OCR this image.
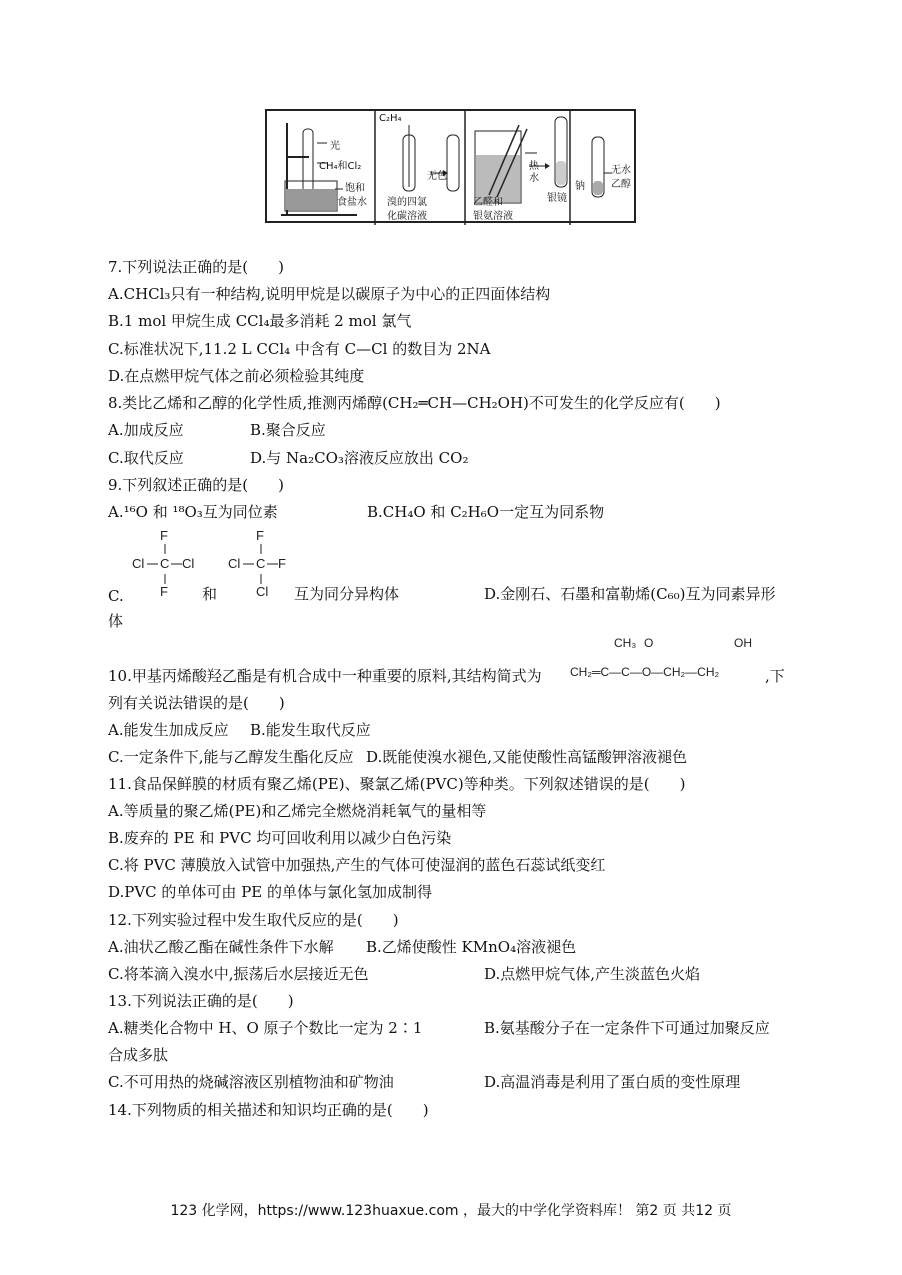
光
CH₄和Cl₂
饱和
食盐水
C₂H₄
无色
溴的四氯
化碳溶液
热
水
银镜
乙醛和
银氨溶液
钠
无水
乙醇
7.下列说法正确的是(　　)
A.CHCl₃只有一种结构,说明甲烷是以碳原子为中心的正四面体结构
B.1 mol 甲烷生成 CCl₄最多消耗 2 mol 氯气
C.标准状况下,11.2 L CCl₄ 中含有 C—Cl 的数目为 2NA
D.在点燃甲烷气体之前必须检验其纯度
8.类比乙烯和乙醇的化学性质,推测丙烯醇(CH₂═CH—CH₂OH)不可发生的化学反应有(　　)
A.加成反应	B.聚合反应
C.取代反应	D.与 Na₂CO₃溶液反应放出 CO₂
9.下列叙述正确的是(　　)
A.¹⁶O 和 ¹⁸O₃互为同位素	B.CH₄O 和 C₂H₆O一定互为同系物
F
Cl C Cl
F
F
Cl C F
Cl
C.	和	互为同分异构体	D.金刚石、石墨和富勒烯(C₆₀)互为同素异形
体
10.甲基丙烯酸羟乙酯是有机合成中一种重要的原料,其结构简式为
CH₃ O	OH
CH₂═C—C—O—CH₂—CH₂	,下
列有关说法错误的是(　　)
A.能发生加成反应 B.能发生取代反应
C.一定条件下,能与乙醇发生酯化反应 D.既能使溴水褪色,又能使酸性高锰酸钾溶液褪色
11.食品保鲜膜的材质有聚乙烯(PE)、聚氯乙烯(PVC)等种类。下列叙述错误的是(　　)
A.等质量的聚乙烯(PE)和乙烯完全燃烧消耗氧气的量相等
B.废弃的 PE 和 PVC 均可回收利用以减少白色污染
C.将 PVC 薄膜放入试管中加强热,产生的气体可使湿润的蓝色石蕊试纸变红
D.PVC 的单体可由 PE 的单体与氯化氢加成制得
12.下列实验过程中发生取代反应的是(　　)
A.油状乙酸乙酯在碱性条件下水解 B.乙烯使酸性 KMnO₄溶液褪色
C.将苯滴入溴水中,振荡后水层接近无色	D.点燃甲烷气体,产生淡蓝色火焰
13.下列说法正确的是(　　)
A.糖类化合物中 H、O 原子个数比一定为 2∶1	B.氨基酸分子在一定条件下可通过加聚反应
合成多肽
C.不可用热的烧碱溶液区别植物油和矿物油	D.高温消毒是利用了蛋白质的变性原理
14.下列物质的相关描述和知识均正确的是(　　)
123 化学网，https://www.123huaxue.com ，最大的中学化学资料库！ 第2 页 共12 页
